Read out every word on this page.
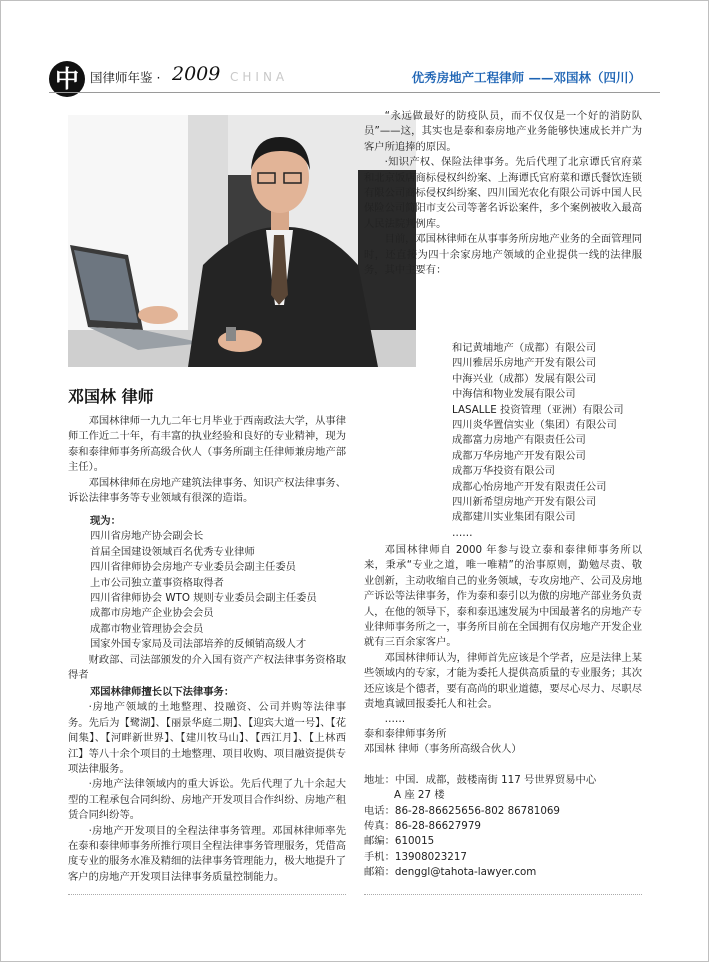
中 国律师年鉴 · 2009 CHINA	优秀房地产工程律师 ——邓国林（四川）
邓国林 律师

邓国林律师一九九二年七月毕业于西南政法大学，从事律师工作近二十年，有丰富的执业经验和良好的专业精神，现为泰和泰律师事务所高级合伙人（事务所副主任律师兼房地产部主任）。

邓国林律师在房地产建筑法律事务、知识产权法律事务、诉讼法律事务等专业领域有很深的造诣。

现为：
四川省房地产协会副会长
首届全国建设领域百名优秀专业律师
四川省律师协会房地产专业委员会副主任委员
上市公司独立董事资格取得者
四川省律师协会 WTO 规则专业委员会副主任委员
成都市房地产企业协会会员
成都市物业管理协会会员
国家外国专家局及司法部培养的反倾销高级人才

财政部、司法部颁发的介入国有资产产权法律事务资格取得者

邓国林律师擅长以下法律事务：

·房地产领域的土地整理、投融资、公司并购等法律事务。先后为【鹭湖】、【丽景华庭二期】、【迎宾大道一号】、【花间集】、【河畔新世界】、【建川牧马山】、【西江月】、【上林西江】等八十余个项目的土地整理、项目收购、项目融资提供专项法律服务。

·房地产法律领域内的重大诉讼。先后代理了九十余起大型的工程承包合同纠纷、房地产开发项目合作纠纷、房地产租赁合同纠纷等。

·房地产开发项目的全程法律事务管理。邓国林律师率先在泰和泰律师事务所推行项目全程法律事务管理服务，凭借高度专业的服务水准及精细的法律事务管理能力，极大地提升了客户的房地产开发项目法律事务质量控制能力。

“永远做最好的防疫队员，而不仅仅是一个好的消防队员”——这，其实也是泰和泰房地产业务能够快速成长并广为客户所追捧的原因。

·知识产权、保险法律事务。先后代理了北京谭氏官府菜和北京饭店商标侵权纠纷案、上海谭氏官府菜和谭氏餐饮连锁有限公司商标侵权纠纷案、四川国光农化有限公司诉中国人民保险公司简阳市支公司等著名诉讼案件，多个案例被收入最高人民法院判例库。

目前，邓国林律师在从事事务所房地产业务的全面管理同时，还直接为四十余家房地产领域的企业提供一线的法律服务，其中主要有：

和记黄埔地产（成都）有限公司
四川雅居乐房地产开发有限公司
中海兴业（成都）发展有限公司
中海信和物业发展有限公司
LASALLE 投资管理（亚洲）有限公司
四川炎华置信实业（集团）有限公司
成都富力房地产有限责任公司
成都万华房地产开发有限公司
成都万华投资有限公司
成都心怡房地产开发有限责任公司
四川新希望房地产开发有限公司
成都建川实业集团有限公司
……

邓国林律师自 2000 年参与设立泰和泰律师事务所以来，秉承“专业之道，唯一唯精”的治事原则，勤勉尽责、敬业创新，主动收缩自己的业务领域，专攻房地产、公司及房地产诉讼等法律事务，作为泰和泰引以为傲的房地产部业务负责人，在他的领导下，泰和泰迅速发展为中国最著名的房地产专业律师事务所之一，事务所目前在全国拥有仅房地产开发企业就有三百余家客户。

邓国林律师认为，律师首先应该是个学者，应是法律上某些领域内的专家，才能为委托人提供高质量的专业服务；其次还应该是个德者，要有高尚的职业道德，要尽心尽力、尽职尽责地真诚回报委托人和社会。

……

泰和泰律师事务所
邓国林 律师（事务所高级合伙人）
地址：中国．成都，鼓楼南街 117 号世界贸易中心
A 座 27 楼
电话：86-28-86625656-802 86781069
传真：86-28-86627979
邮编：610015
手机：13908023217
邮箱：denggl@tahota-lawyer.com
